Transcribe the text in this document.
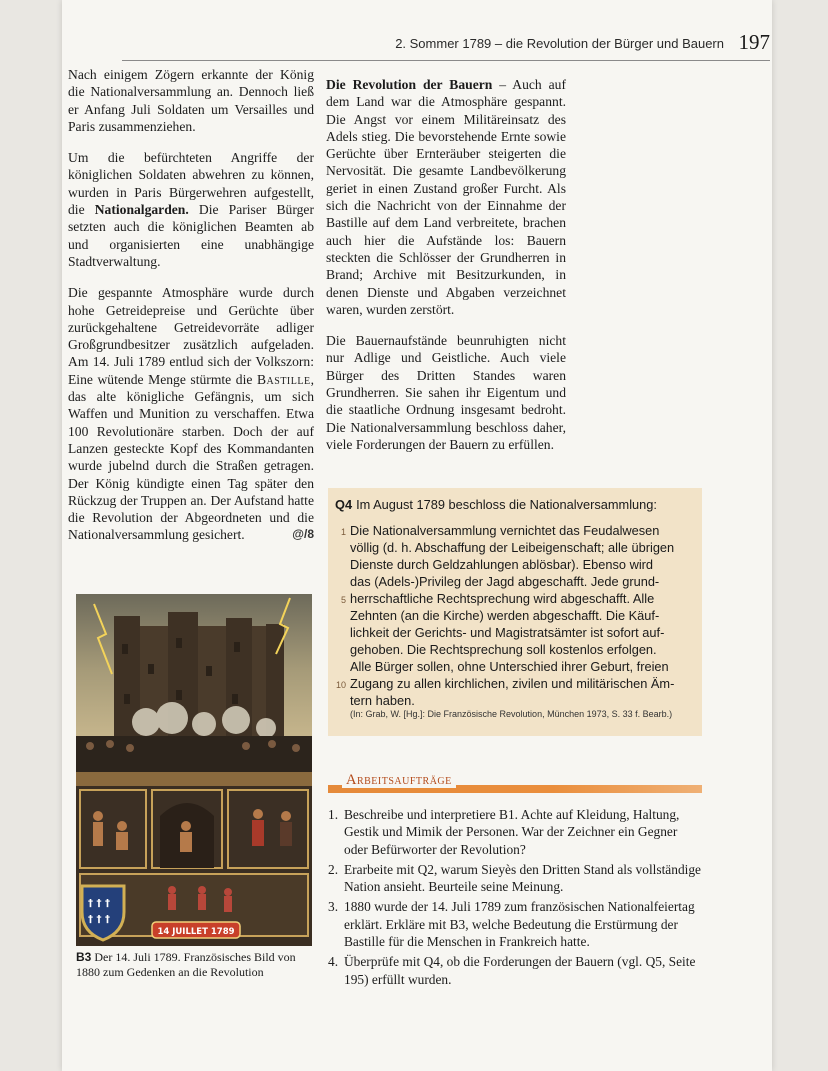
2. Sommer 1789 – die Revolution der Bürger und Bauern 197

Nach einigem Zögern erkannte der König die Nationalversammlung an. Dennoch ließ er Anfang Juli Soldaten um Versailles und Paris zusammenziehen.

Um die befürchteten Angriffe der königlichen Soldaten abwehren zu können, wurden in Paris Bürgerwehren aufgestellt, die Nationalgarden. Die Pariser Bürger setzten auch die königlichen Beamten ab und organisierten eine unabhängige Stadtverwaltung.

Die gespannte Atmosphäre wurde durch hohe Getreidepreise und Gerüchte über zurückgehaltene Getreidevorräte adliger Großgrundbesitzer zusätzlich aufgeladen. Am 14. Juli 1789 entlud sich der Volkszorn: Eine wütende Menge stürmte die Bastille, das alte königliche Gefängnis, um sich Waffen und Munition zu verschaffen. Etwa 100 Revolutionäre starben. Doch der auf Lanzen gesteckte Kopf des Kommandanten wurde jubelnd durch die Straßen getragen. Der König kündigte einen Tag später den Rückzug der Truppen an. Der Aufstand hatte die Revolution der Abgeordneten und die Nationalversammlung gesichert.	@/8

Die Revolution der Bauern – Auch auf dem Land war die Atmosphäre gespannt. Die Angst vor einem Militäreinsatz des Adels stieg. Die bevorstehende Ernte sowie Gerüchte über Ernteräuber steigerten die Nervosität. Die gesamte Landbevölkerung geriet in einen Zustand großer Furcht. Als sich die Nachricht von der Einnahme der Bastille auf dem Land verbreitete, brachen auch hier die Aufstände los: Bauern steckten die Schlösser der Grundherren in Brand; Archive mit Besitzurkunden, in denen Dienste und Abgaben verzeichnet waren, wurden zerstört.

Die Bauernaufstände beunruhigten nicht nur Adlige und Geistliche. Auch viele Bürger des Dritten Standes waren Grundherren. Sie sahen ihr Eigentum und die staatliche Ordnung insgesamt bedroht. Die Nationalversammlung beschloss daher, viele Forderungen der Bauern zu erfüllen.

† † †
† † †
14 JUILLET 1789
B3 Der 14. Juli 1789. Französisches Bild von 1880 zum Gedenken an die Revolution
Q4 Im August 1789 beschloss die Nationalversammlung:
1 Die Nationalversammlung vernichtet das Feudalwesen
völlig (d. h. Abschaffung der Leibeigenschaft; alle übrigen
Dienste durch Geldzahlungen ablösbar). Ebenso wird
das (Adels-)Privileg der Jagd abgeschafft. Jede grund-
5 herrschaftliche Rechtsprechung wird abgeschafft. Alle
Zehnten (an die Kirche) werden abgeschafft. Die Käuf-
lichkeit der Gerichts- und Magistratsämter ist sofort auf-
gehoben. Die Rechtsprechung soll kostenlos erfolgen.
Alle Bürger sollen, ohne Unterschied ihrer Geburt, freien
10 Zugang zu allen kirchlichen, zivilen und militärischen Äm-
tern haben.
(In: Grab, W. [Hg.]: Die Französische Revolution, München 1973, S. 33 f. Bearb.)
Arbeitsaufträge
1. Beschreibe und interpretiere B1. Achte auf Kleidung, Haltung, Gestik und Mimik der Personen. War der Zeichner ein Gegner oder Befürworter der Revolution?
2. Erarbeite mit Q2, warum Sieyès den Dritten Stand als vollständige Nation ansieht. Beurteile seine Meinung.
3. 1880 wurde der 14. Juli 1789 zum französischen Nationalfeiertag erklärt. Erkläre mit B3, welche Bedeutung die Erstürmung der Bastille für die Menschen in Frankreich hatte.
4. Überprüfe mit Q4, ob die Forderungen der Bauern (vgl. Q5, Seite 195) erfüllt wurden.
